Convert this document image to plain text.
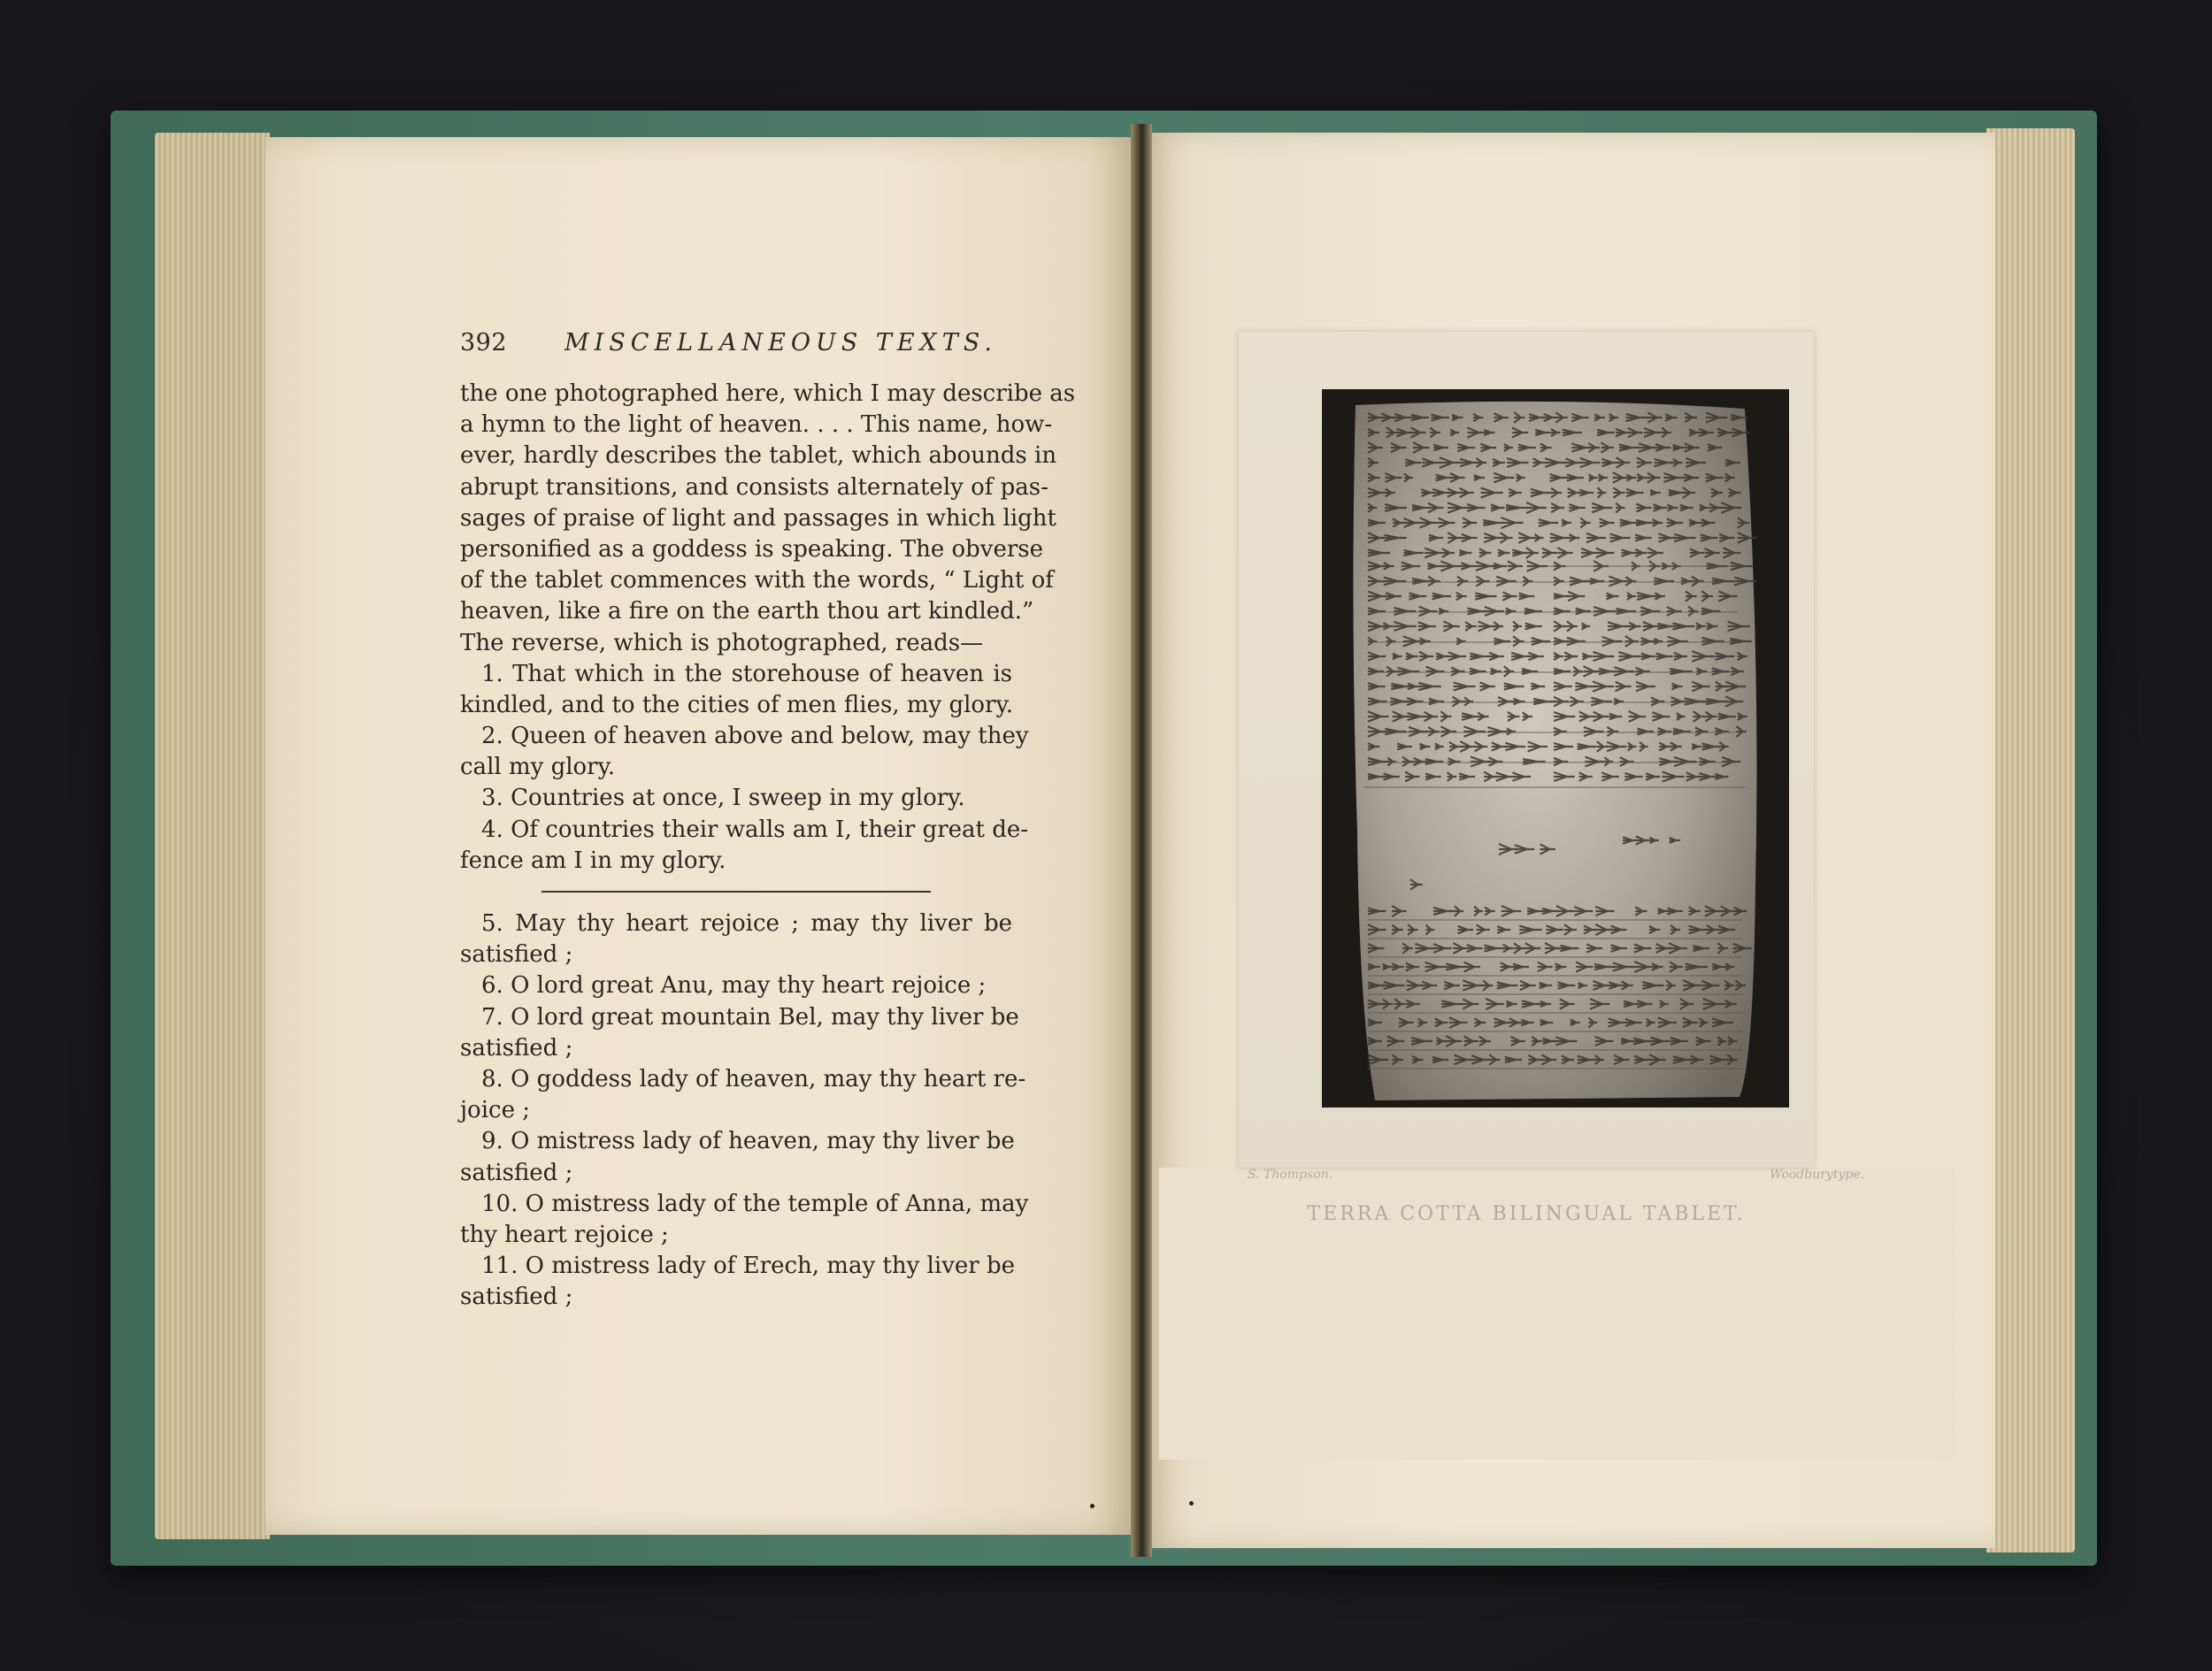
392 MISCELLANEOUS TEXTS.
the one photographed here, which I may describe as
a hymn to the light of heaven. . . . This name, how-
ever, hardly describes the tablet, which abounds in
abrupt transitions, and consists alternately of pas-
sages of praise of light and passages in which light
personified as a goddess is speaking. The obverse
of the tablet commences with the words, “ Light of
heaven, like a fire on the earth thou art kindled.”
The reverse, which is photographed, reads—
1. That which in the storehouse of heaven is
kindled, and to the cities of men flies, my glory.
2. Queen of heaven above and below, may they
call my glory.
3. Countries at once, I sweep in my glory.
4. Of countries their walls am I, their great de-
fence am I in my glory.
5. May thy heart rejoice ; may thy liver be
satisfied ;
6. O lord great Anu, may thy heart rejoice ;
7. O lord great mountain Bel, may thy liver be
satisfied ;
8. O goddess lady of heaven, may thy heart re-
joice ;
9. O mistress lady of heaven, may thy liver be
satisfied ;
10. O mistress lady of the temple of Anna, may
thy heart rejoice ;
11. O mistress lady of Erech, may thy liver be
satisfied ;
S. Thompson.	Woodburytype.
TERRA COTTA BILINGUAL TABLET.
